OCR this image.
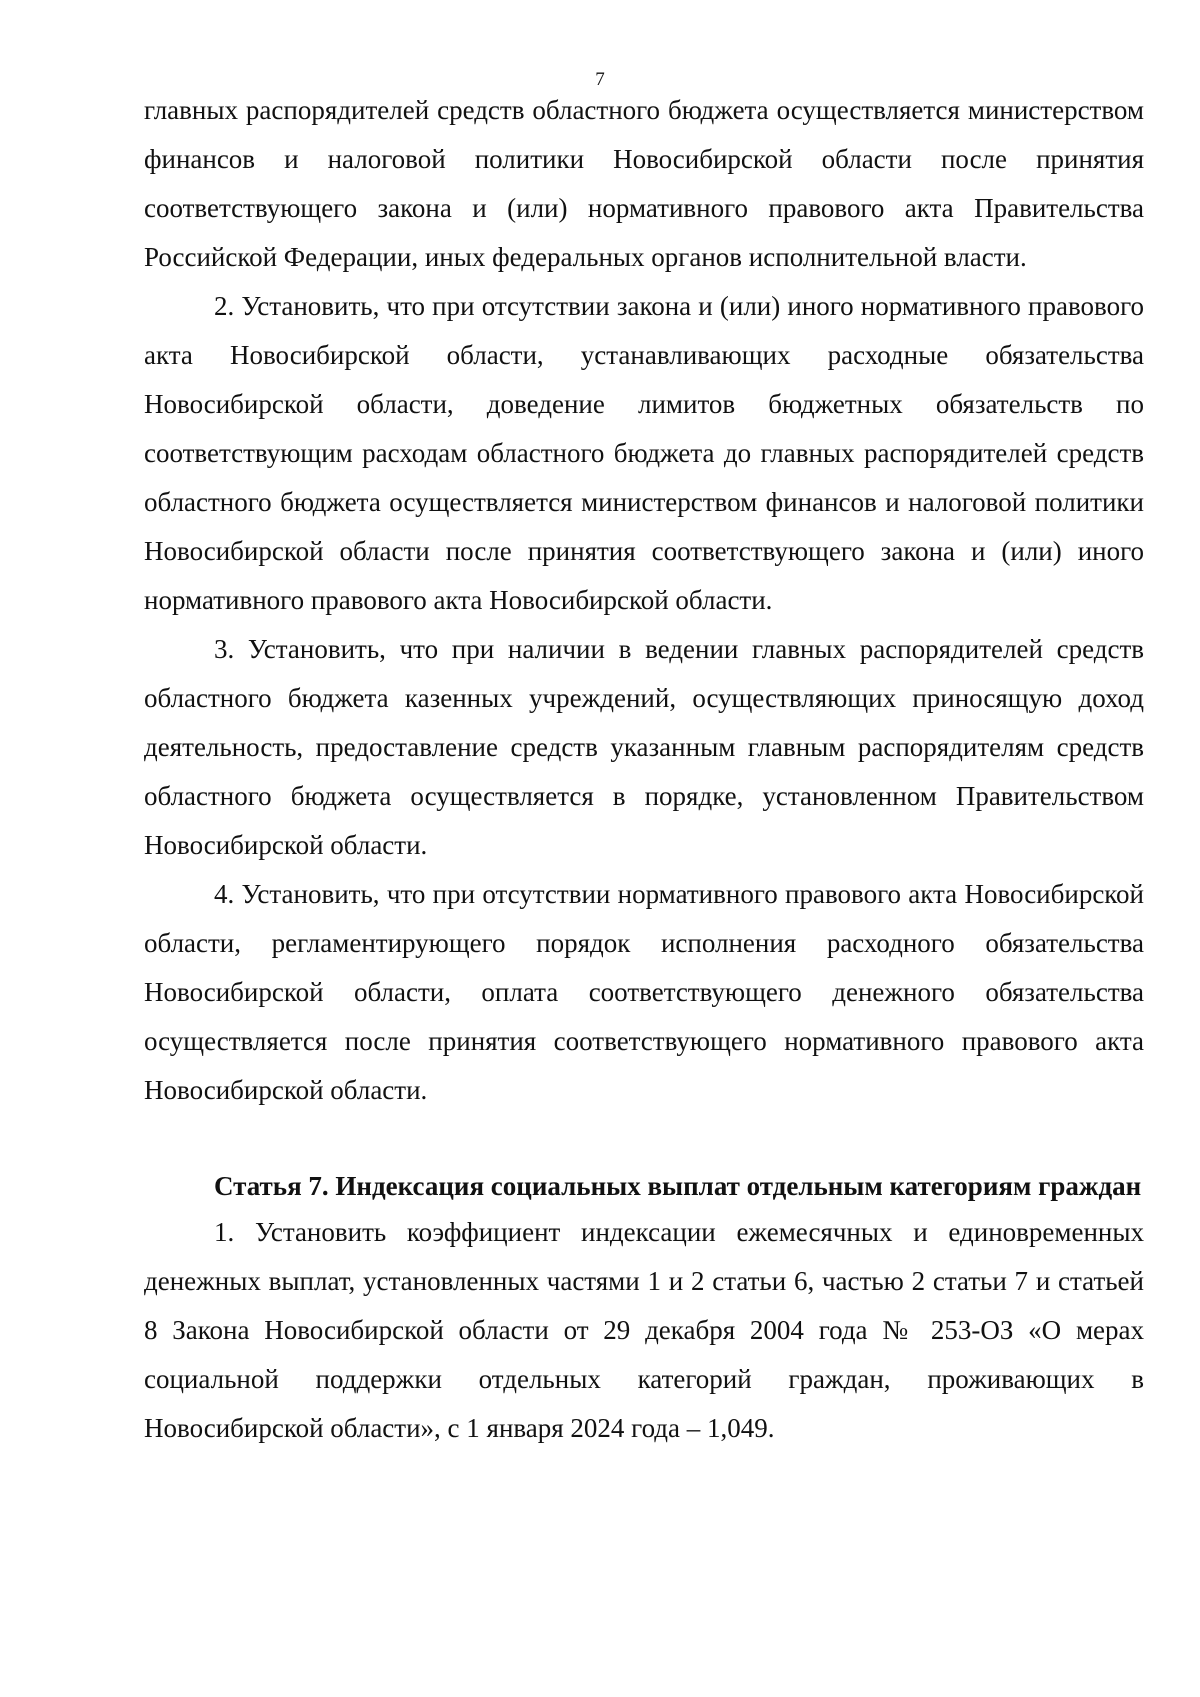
7

главных распорядителей средств областного бюджета осуществляется министерством финансов и налоговой политики Новосибирской области после принятия соответствующего закона и (или) нормативного правового акта Правительства Российской Федерации, иных федеральных органов исполнительной власти.

2. Установить, что при отсутствии закона и (или) иного нормативного правового акта Новосибирской области, устанавливающих расходные обязательства Новосибирской области, доведение лимитов бюджетных обязательств по соответствующим расходам областного бюджета до главных распорядителей средств областного бюджета осуществляется министерством финансов и налоговой политики Новосибирской области после принятия соответствующего закона и (или) иного нормативного правового акта Новосибирской области.

3. Установить, что при наличии в ведении главных распорядителей средств областного бюджета казенных учреждений, осуществляющих приносящую доход деятельность, предоставление средств указанным главным распорядителям средств областного бюджета осуществляется в порядке, установленном Правительством Новосибирской области.

4. Установить, что при отсутствии нормативного правового акта Новосибирской области, регламентирующего порядок исполнения расходного обязательства Новосибирской области, оплата соответствующего денежного обязательства осуществляется после принятия соответствующего нормативного правового акта Новосибирской области.

Статья 7. Индексация социальных выплат отдельным категориям граждан

1. Установить коэффициент индексации ежемесячных и единовременных денежных выплат, установленных частями 1 и 2 статьи 6, частью 2 статьи 7 и статьей 8 Закона Новосибирской области от 29 декабря 2004 года № 253-ОЗ «О мерах социальной поддержки отдельных категорий граждан, проживающих в Новосибирской области», с 1 января 2024 года – 1,049.
